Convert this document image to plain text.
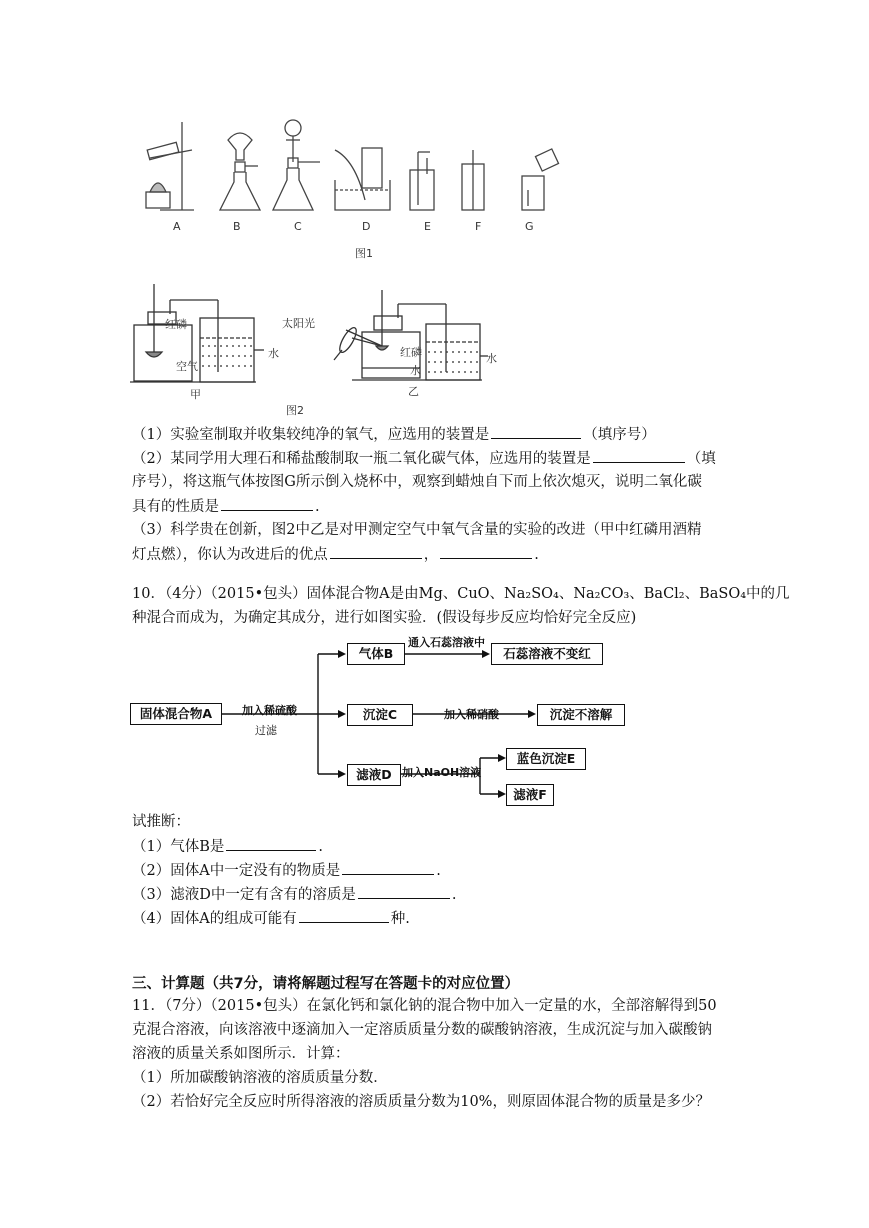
A	B	C	D	E	F	G
图1
红磷
空气
水
甲
太阳光
红磷
水
水
乙
图2
（1）实验室制取并收集较纯净的氧气，应选用的装置是	（填序号）
（2）某同学用大理石和稀盐酸制取一瓶二氧化碳气体，应选用的装置是	（填
序号），将这瓶气体按图G所示倒入烧杯中，观察到蜡烛自下而上依次熄灭，说明二氧化碳
具有的性质是	.
（3）科学贵在创新，图2中乙是对甲测定空气中氧气含量的实验的改进（甲中红磷用酒精
灯点燃），你认为改进后的优点	，	.
10．（4分）（2015•包头）固体混合物A是由Mg、CuO、Na₂SO₄、Na₂CO₃、BaCl₂、BaSO₄中的几
种混合而成为，为确定其成分，进行如图实验．(假设每步反应均恰好完全反应)
固体混合物A	加入稀硫酸
过滤
气体B
通入石蕊溶液中
石蕊溶液不变红
沉淀C	加入稀硝酸	沉淀不溶解
滤液D 加入NaOH溶液
蓝色沉淀E
滤液F
试推断：
（1）气体B是	.
（2）固体A中一定没有的物质是	.
（3）滤液D中一定有含有的溶质是	.
（4）固体A的组成可能有	种.
三、计算题（共7分，请将解题过程写在答题卡的对应位置）
11．（7分）（2015•包头）在氯化钙和氯化钠的混合物中加入一定量的水，全部溶解得到50
克混合溶液，向该溶液中逐滴加入一定溶质质量分数的碳酸钠溶液，生成沉淀与加入碳酸钠
溶液的质量关系如图所示．计算：
（1）所加碳酸钠溶液的溶质质量分数．
（2）若恰好完全反应时所得溶液的溶质质量分数为10%，则原固体混合物的质量是多少？
